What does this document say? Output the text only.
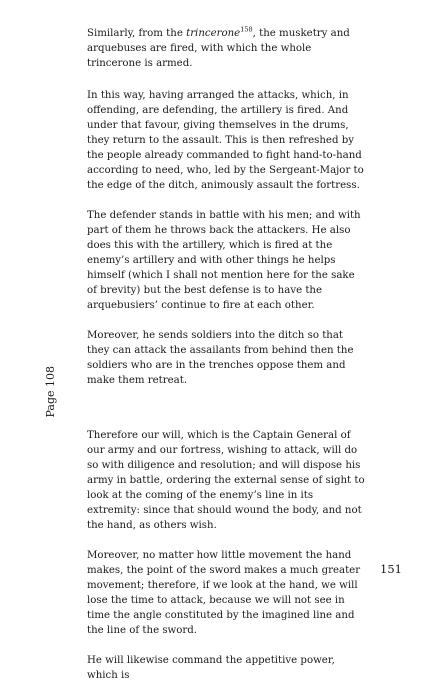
Similarly, from the trincerone$^{158}$, the musketry and arquebuses are fired, with which the whole trincerone is armed.

In this way, having arranged the attacks, which, in offending, are defending, the artillery is fired. And under that favour, giving themselves in the drums, they return to the assault. This is then refreshed by the people already commanded to fight hand-to-hand according to need, who, led by the Sergeant-Major to the edge of the ditch, animously assault the fortress.

The defender stands in battle with his men; and with part of them he throws back the attackers. He also does this with the artillery, which is fired at the enemy’s artillery and with other things he helps himself (which I shall not mention here for the sake of brevity) but the best defense is to have the arquebusiers’ continue to fire at each other.

Moreover, he sends soldiers into the ditch so that they can attack the assailants from behind then the soldiers who are in the trenches oppose them and make them retreat.

Therefore our will, which is the Captain General of our army and our fortress, wishing to attack, will do so with diligence and resolution; and will dispose his army in battle, ordering the external sense of sight to look at the coming of the enemy’s line in its extremity: since that should wound the body, and not the hand, as others wish.

Moreover, no matter how little movement the hand makes, the point of the sword makes a much greater movement; therefore, if we look at the hand, we will lose the time to attack, because we will not see in time the angle constituted by the imagined line and the line of the sword.

He will likewise command the appetitive power, which is

Page 108
151
